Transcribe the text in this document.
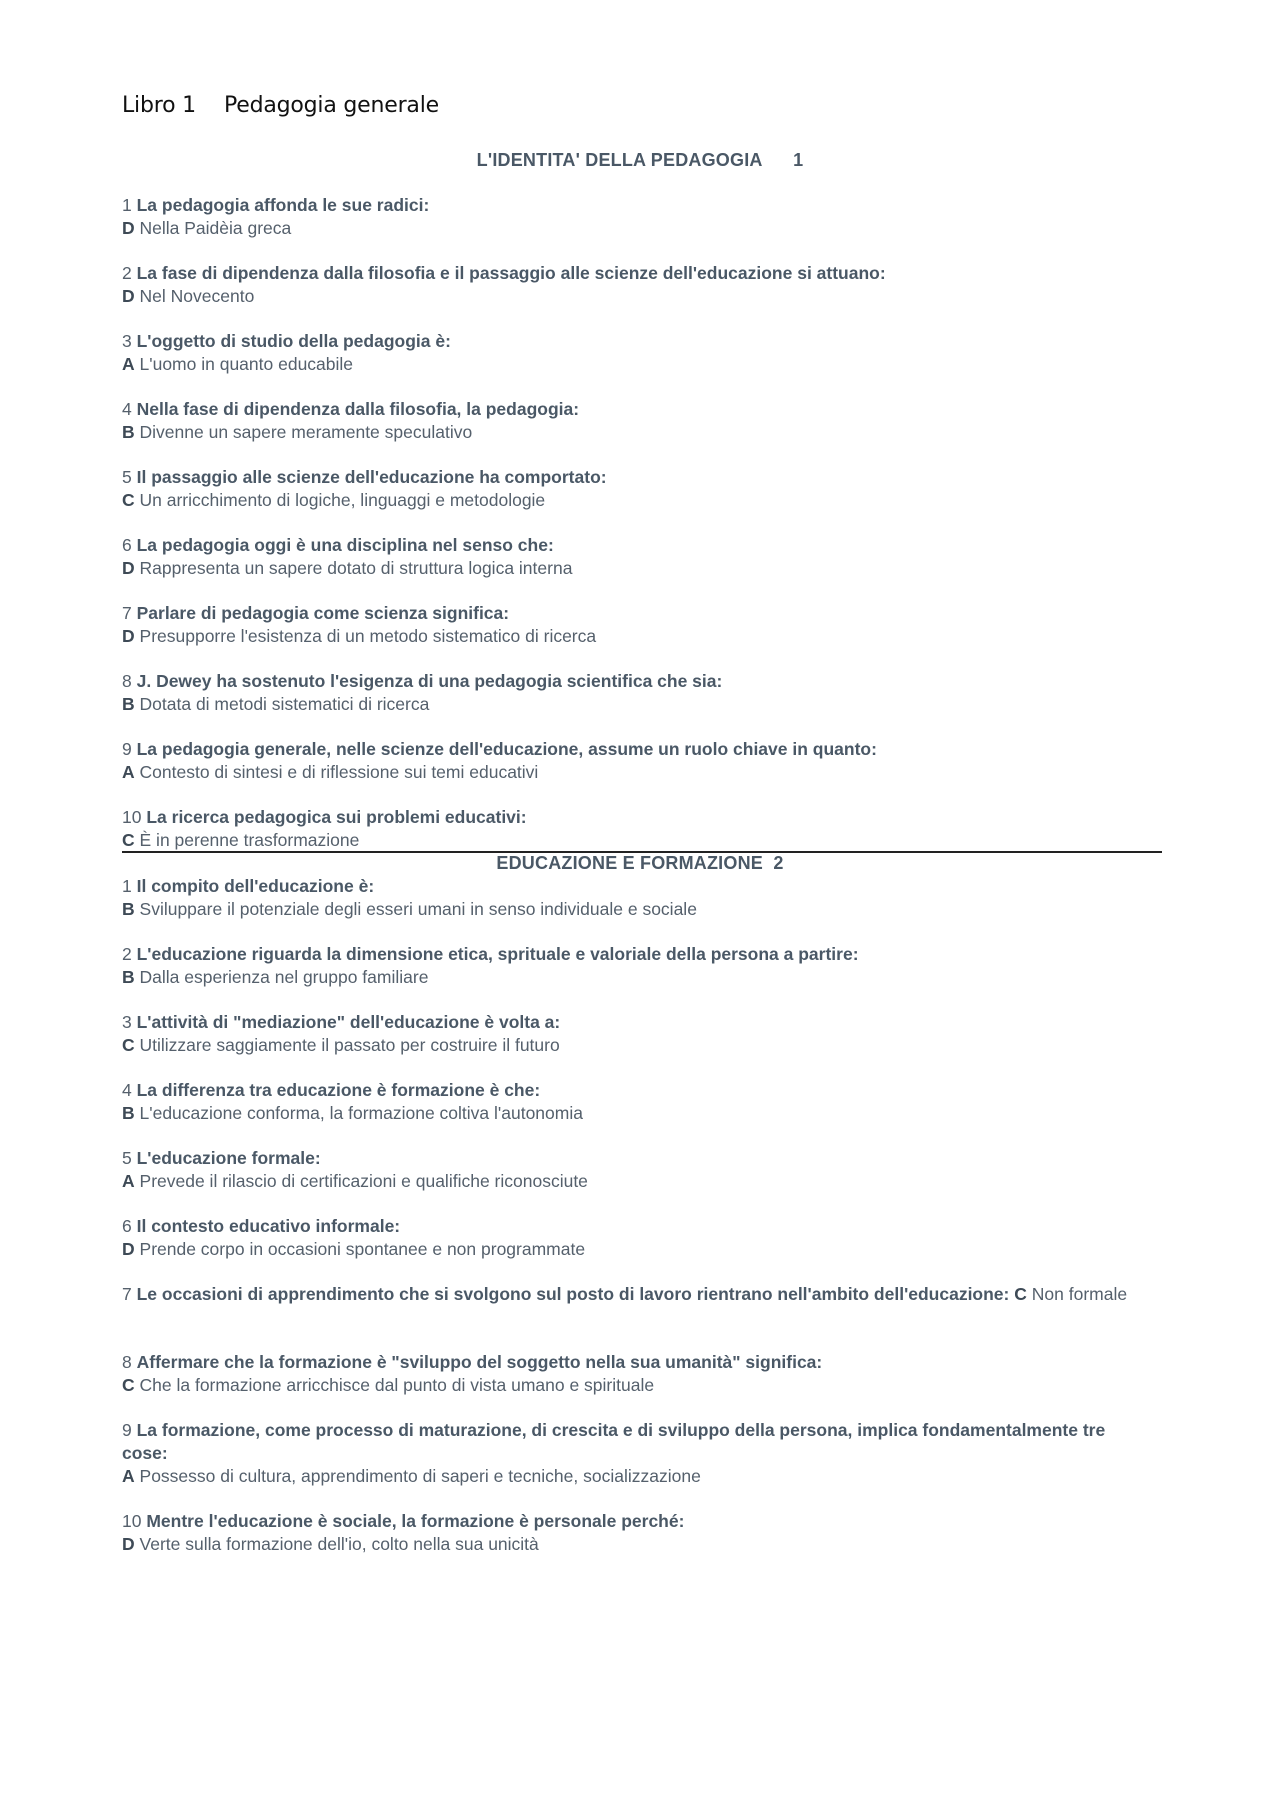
Libro 1 Pedagogia generale
L'IDENTITA' DELLA PEDAGOGIA      1
1 La pedagogia affonda le sue radici:
D Nella Paidèia greca
2 La fase di dipendenza dalla filosofia e il passaggio alle scienze dell'educazione si attuano:
D Nel Novecento
3 L'oggetto di studio della pedagogia è:
A L'uomo in quanto educabile
4 Nella fase di dipendenza dalla filosofia, la pedagogia:
B Divenne un sapere meramente speculativo
5 Il passaggio alle scienze dell'educazione ha comportato:
C Un arricchimento di logiche, linguaggi e metodologie
6 La pedagogia oggi è una disciplina nel senso che:
D Rappresenta un sapere dotato di struttura logica interna
7 Parlare di pedagogia come scienza significa:
D Presupporre l'esistenza di un metodo sistematico di ricerca
8 J. Dewey ha sostenuto l'esigenza di una pedagogia scientifica che sia:
B Dotata di metodi sistematici di ricerca
9 La pedagogia generale, nelle scienze dell'educazione, assume un ruolo chiave in quanto:
A Contesto di sintesi e di riflessione sui temi educativi
10 La ricerca pedagogica sui problemi educativi:
C È in perenne trasformazione
EDUCAZIONE E FORMAZIONE  2
1 Il compito dell'educazione è:
B Sviluppare il potenziale degli esseri umani in senso individuale e sociale
2 L'educazione riguarda la dimensione etica, sprituale e valoriale della persona a partire:
B Dalla esperienza nel gruppo familiare
3 L'attività di "mediazione" dell'educazione è volta a:
C Utilizzare saggiamente il passato per costruire il futuro
4 La differenza tra educazione è formazione è che:
B L'educazione conforma, la formazione coltiva l'autonomia
5 L'educazione formale:
A Prevede il rilascio di certificazioni e qualifiche riconosciute
6 Il contesto educativo informale:
D Prende corpo in occasioni spontanee e non programmate
7 Le occasioni di apprendimento che si svolgono sul posto di lavoro rientrano nell'ambito dell'educazione: C Non formale
8 Affermare che la formazione è "sviluppo del soggetto nella sua umanità" significa:
C Che la formazione arricchisce dal punto di vista umano e spirituale
9 La formazione, come processo di maturazione, di crescita e di sviluppo della persona, implica fondamentalmente tre cose:
A Possesso di cultura, apprendimento di saperi e tecniche, socializzazione
10 Mentre l'educazione è sociale, la formazione è personale perché:
D Verte sulla formazione dell'io, colto nella sua unicità
